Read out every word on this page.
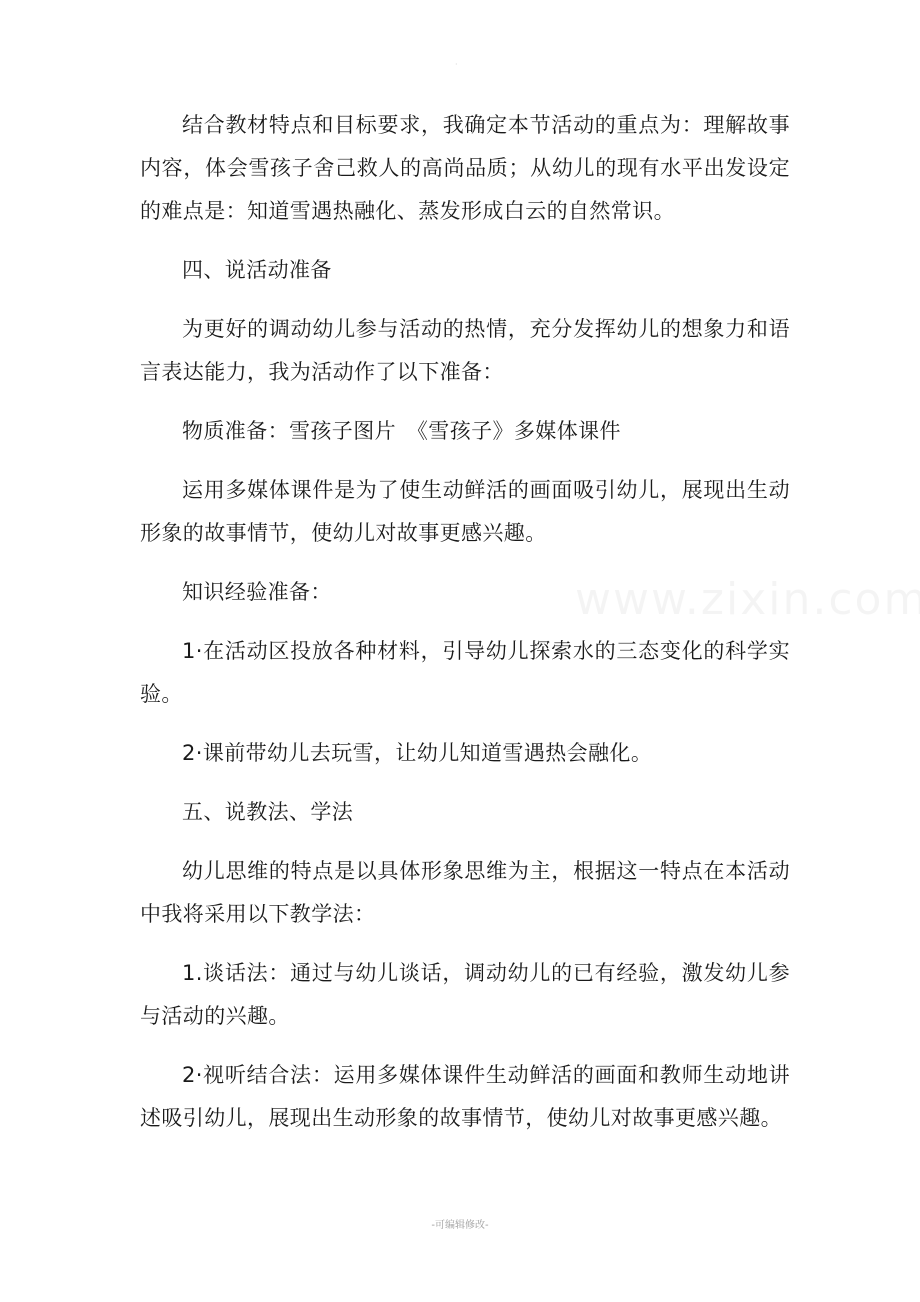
·

结合教材特点和目标要求，我确定本节活动的重点为：理解故事内容，体会雪孩子舍己救人的高尚品质；从幼儿的现有水平出发设定的难点是：知道雪遇热融化、蒸发形成白云的自然常识。

四、说活动准备

为更好的调动幼儿参与活动的热情，充分发挥幼儿的想象力和语言表达能力，我为活动作了以下准备：

物质准备：雪孩子图片　《雪孩子》多媒体课件

运用多媒体课件是为了使生动鲜活的画面吸引幼儿，展现出生动形象的故事情节，使幼儿对故事更感兴趣。

知识经验准备：

1·在活动区投放各种材料，引导幼儿探索水的三态变化的科学实验。

2·课前带幼儿去玩雪，让幼儿知道雪遇热会融化。

五、说教法、学法

幼儿思维的特点是以具体形象思维为主，根据这一特点在本活动中我将采用以下教学法：

1.谈话法：通过与幼儿谈话，调动幼儿的已有经验，激发幼儿参与活动的兴趣。

2·视听结合法：运用多媒体课件生动鲜活的画面和教师生动地讲述吸引幼儿，展现出生动形象的故事情节，使幼儿对故事更感兴趣。

-可编辑修改-
